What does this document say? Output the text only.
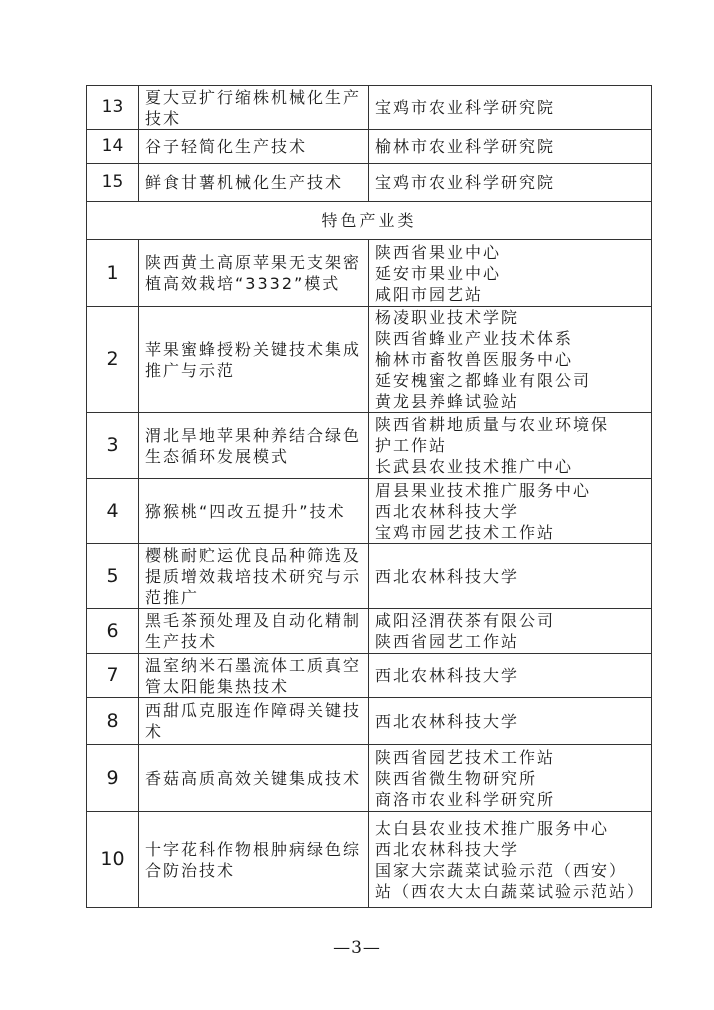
13	夏大豆扩行缩株机械化生产
技术	宝鸡市农业科学研究院

14	谷子轻简化生产技术	榆林市农业科学研究院

15	鲜食甘薯机械化生产技术	宝鸡市农业科学研究院

特色产业类		
1	陕西黄土高原苹果无支架密
植高效栽培“3332”模式	陕西省果业中心
延安市果业中心
咸阳市园艺站

2	苹果蜜蜂授粉关键技术集成
推广与示范	杨凌职业技术学院
陕西省蜂业产业技术体系
榆林市畜牧兽医服务中心
延安槐蜜之都蜂业有限公司
黄龙县养蜂试验站

3	渭北旱地苹果种养结合绿色
生态循环发展模式	陕西省耕地质量与农业环境保
护工作站
长武县农业技术推广中心

4	猕猴桃“四改五提升”技术	眉县果业技术推广服务中心
西北农林科技大学
宝鸡市园艺技术工作站

5	樱桃耐贮运优良品种筛选及
提质增效栽培技术研究与示
范推广	西北农林科技大学

6	黑毛茶预处理及自动化精制
生产技术	咸阳泾渭茯茶有限公司
陕西省园艺工作站

7	温室纳米石墨流体工质真空
管太阳能集热技术	西北农林科技大学

8	西甜瓜克服连作障碍关键技
术	西北农林科技大学

9	香菇高质高效关键集成技术	陕西省园艺技术工作站
陕西省微生物研究所
商洛市农业科学研究所

10	十字花科作物根肿病绿色综
合防治技术	太白县农业技术推广服务中心
西北农林科技大学
国家大宗蔬菜试验示范（西安）
站（西农大太白蔬菜试验示范站）
—3—
